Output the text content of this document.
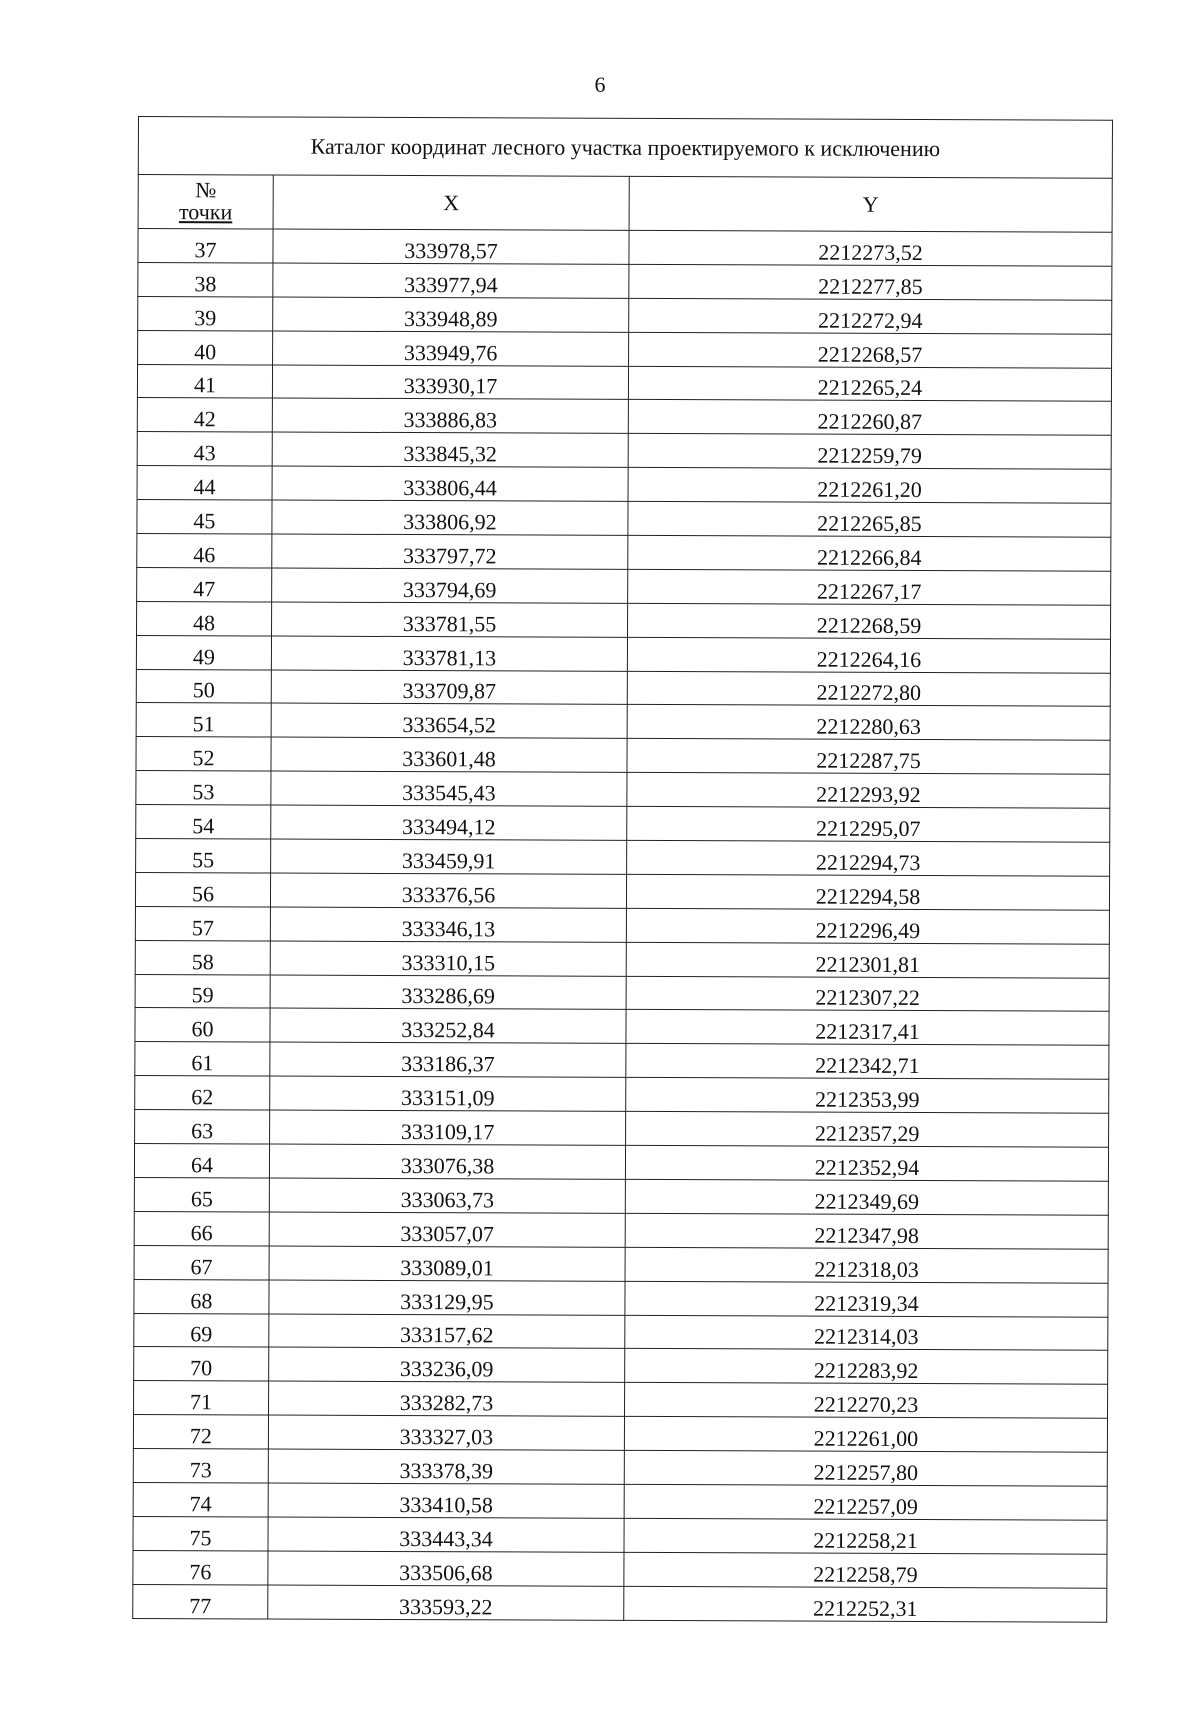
6
Каталог координат лесного участка проектируемого к исключению		

№
точки	X	Y
37	333978,57	2212273,52
38	333977,94	2212277,85
39	333948,89	2212272,94
40	333949,76	2212268,57
41	333930,17	2212265,24
42	333886,83	2212260,87
43	333845,32	2212259,79
44	333806,44	2212261,20
45	333806,92	2212265,85
46	333797,72	2212266,84
47	333794,69	2212267,17
48	333781,55	2212268,59
49	333781,13	2212264,16
50	333709,87	2212272,80
51	333654,52	2212280,63
52	333601,48	2212287,75
53	333545,43	2212293,92
54	333494,12	2212295,07
55	333459,91	2212294,73
56	333376,56	2212294,58
57	333346,13	2212296,49
58	333310,15	2212301,81
59	333286,69	2212307,22
60	333252,84	2212317,41
61	333186,37	2212342,71
62	333151,09	2212353,99
63	333109,17	2212357,29
64	333076,38	2212352,94
65	333063,73	2212349,69
66	333057,07	2212347,98
67	333089,01	2212318,03
68	333129,95	2212319,34
69	333157,62	2212314,03
70	333236,09	2212283,92
71	333282,73	2212270,23
72	333327,03	2212261,00
73	333378,39	2212257,80
74	333410,58	2212257,09
75	333443,34	2212258,21
76	333506,68	2212258,79
77	333593,22	2212252,31
